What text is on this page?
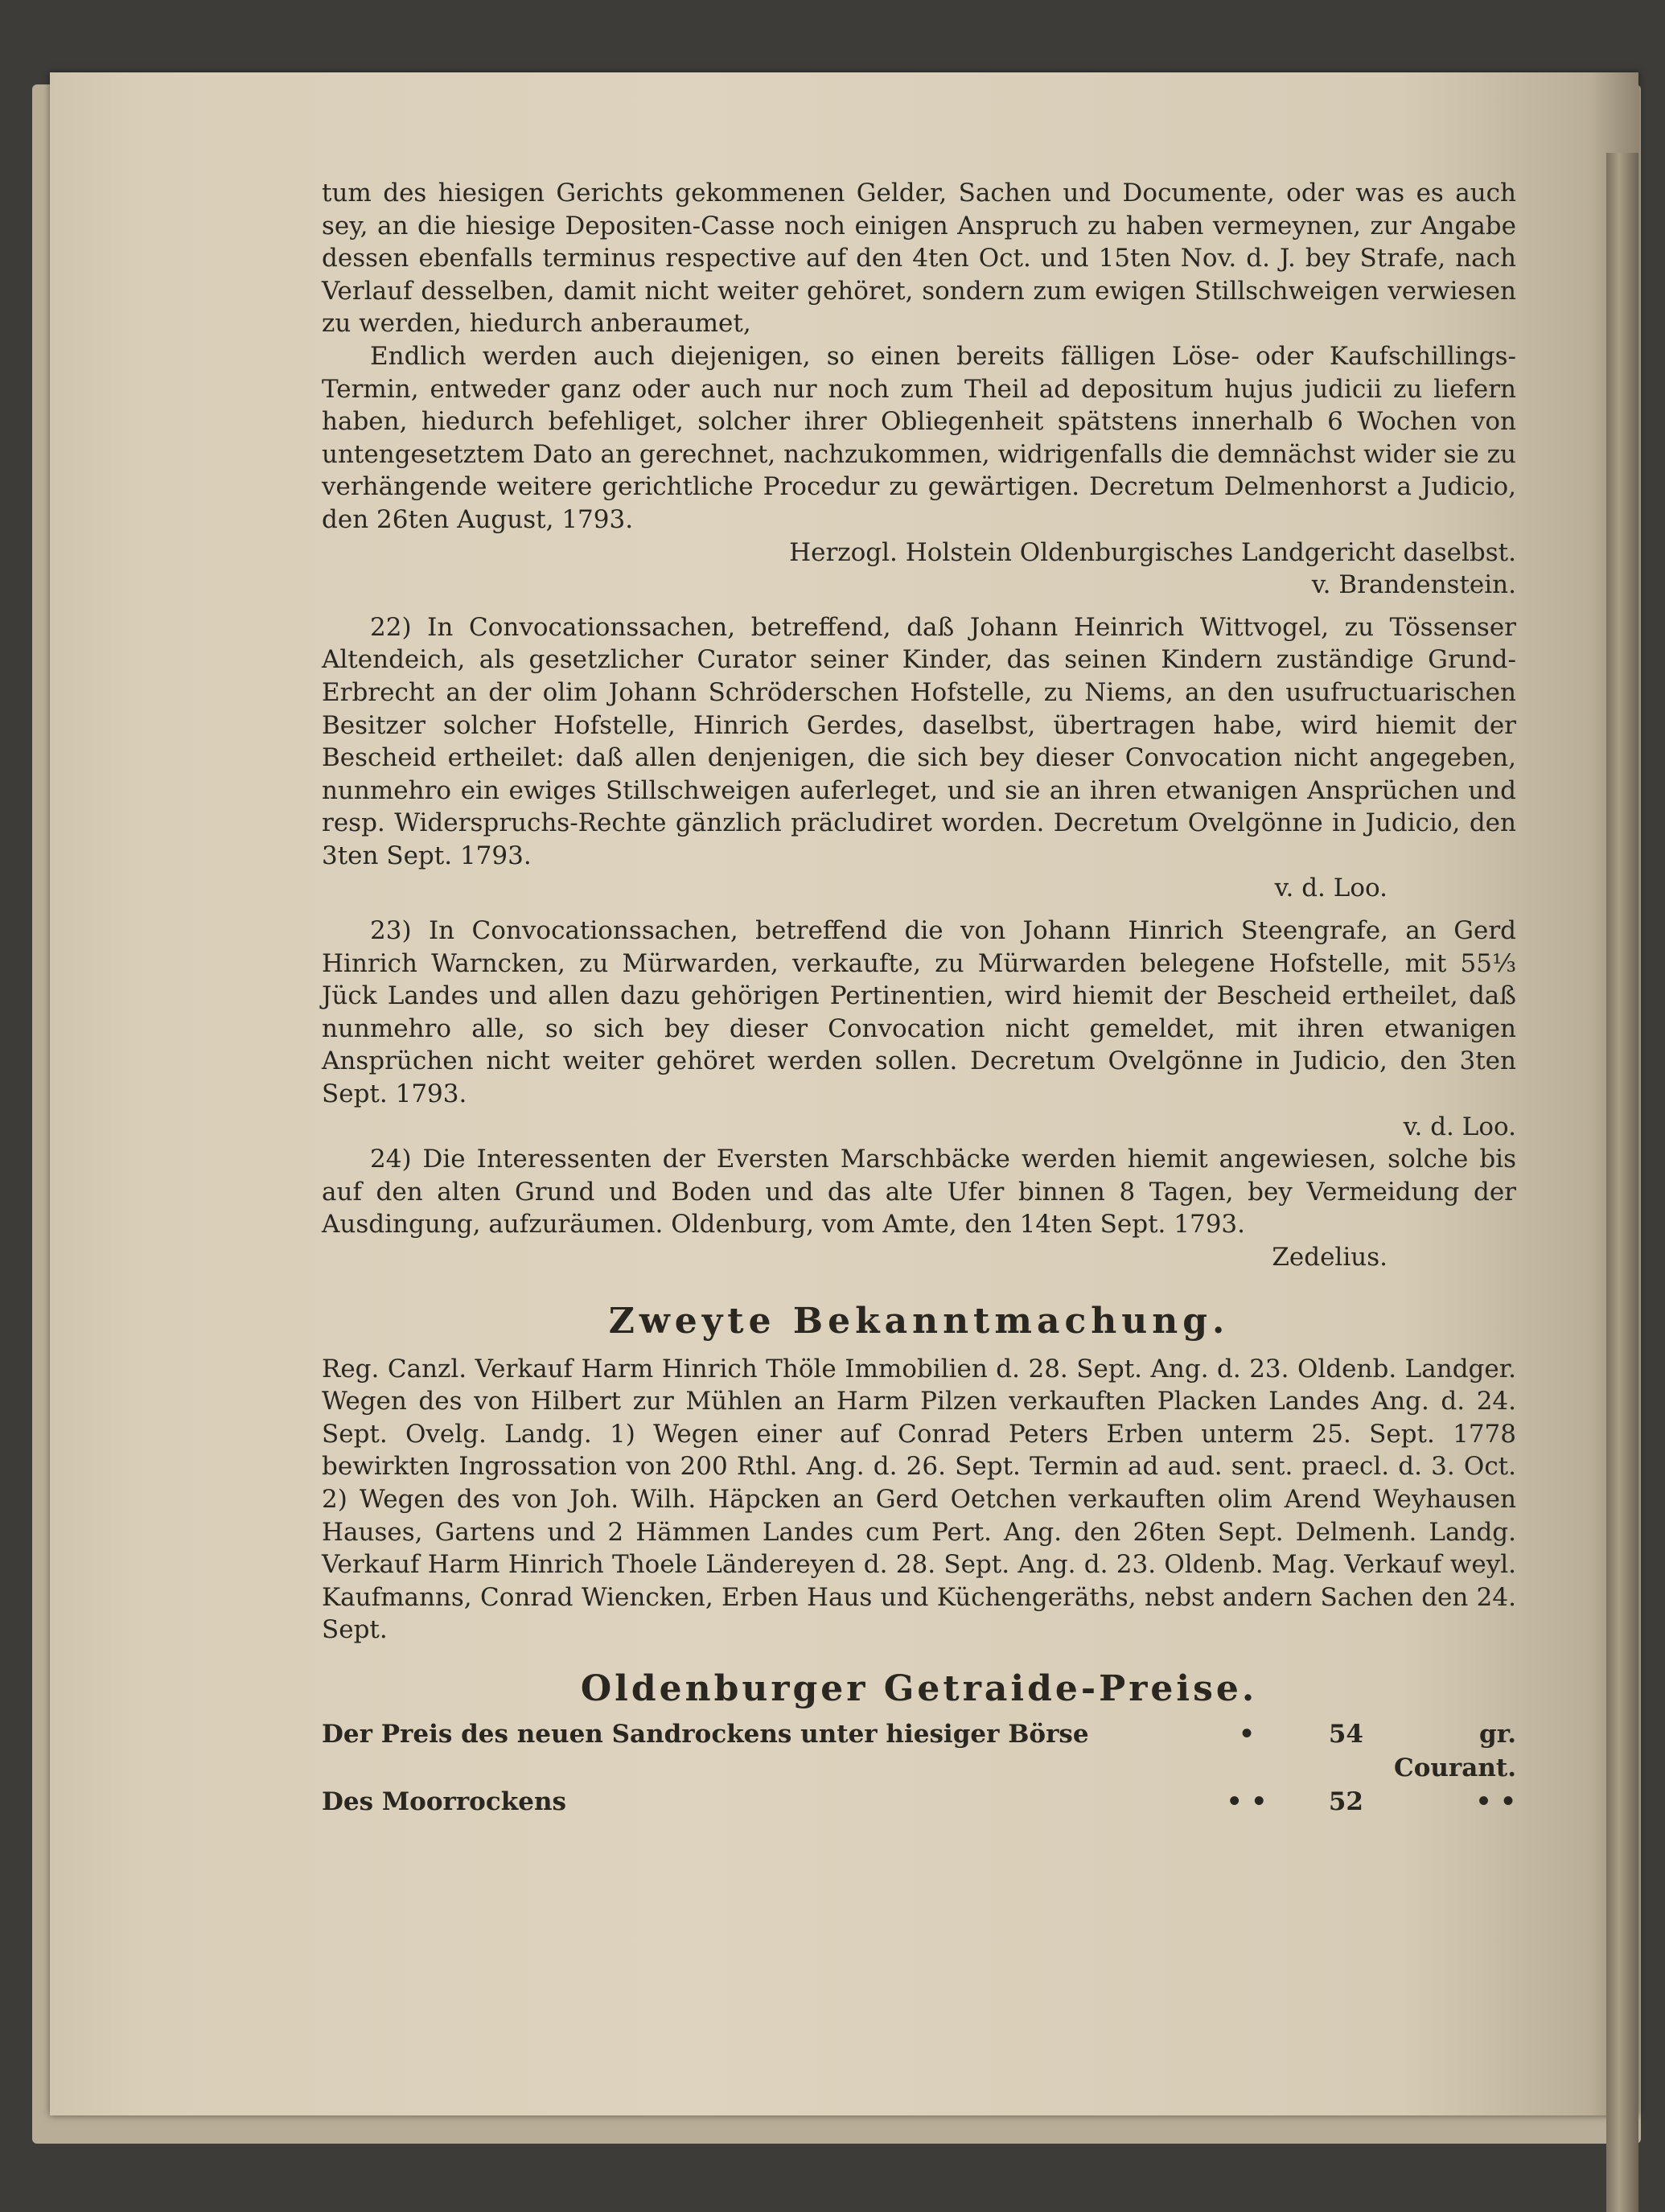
tum des hiesigen Gerichts gekommenen Gelder, Sachen und Documente, oder was es auch sey, an die hiesige Depositen-Casse noch einigen Anspruch zu haben vermeynen, zur Angabe dessen ebenfalls terminus respective auf den 4ten Oct. und 15ten Nov. d. J. bey Strafe, nach Verlauf desselben, damit nicht weiter gehöret, sondern zum ewigen Stillschweigen verwiesen zu werden, hiedurch anberaumet,

Endlich werden auch diejenigen, so einen bereits fälligen Löse- oder Kaufschillings-Termin, entweder ganz oder auch nur noch zum Theil ad depositum hujus judicii zu liefern haben, hiedurch befehliget, solcher ihrer Obliegenheit spätstens innerhalb 6 Wochen von untengesetztem Dato an gerechnet, nachzukommen, widrigenfalls die demnächst wider sie zu verhängende weitere gerichtliche Procedur zu gewärtigen. Decretum Delmenhorst a Judicio, den 26ten August, 1793.

Herzogl. Holstein Oldenburgisches Landgericht daselbst.

v. Brandenstein.

22) In Convocationssachen, betreffend, daß Johann Heinrich Wittvogel, zu Tössenser Altendeich, als gesetzlicher Curator seiner Kinder, das seinen Kindern zuständige Grund-Erbrecht an der olim Johann Schröderschen Hofstelle, zu Niems, an den usufructuarischen Besitzer solcher Hofstelle, Hinrich Gerdes, daselbst, übertragen habe, wird hiemit der Bescheid ertheilet: daß allen denjenigen, die sich bey dieser Convocation nicht angegeben, nunmehro ein ewiges Stillschweigen auferleget, und sie an ihren etwanigen Ansprüchen und resp. Widerspruchs-Rechte gänzlich präcludiret worden. Decretum Ovelgönne in Judicio, den 3ten Sept. 1793.

v. d. Loo.

23) In Convocationssachen, betreffend die von Johann Hinrich Steengrafe, an Gerd Hinrich Warncken, zu Mürwarden, verkaufte, zu Mürwarden belegene Hofstelle, mit 55⅓ Jück Landes und allen dazu gehörigen Pertinentien, wird hiemit der Bescheid ertheilet, daß nunmehro alle, so sich bey dieser Convocation nicht gemeldet, mit ihren etwanigen Ansprüchen nicht weiter gehöret werden sollen. Decretum Ovelgönne in Judicio, den 3ten Sept. 1793.

v. d. Loo.

24) Die Interessenten der Eversten Marschbäcke werden hiemit angewiesen, solche bis auf den alten Grund und Boden und das alte Ufer binnen 8 Tagen, bey Vermeidung der Ausdingung, aufzuräumen. Oldenburg, vom Amte, den 14ten Sept. 1793.

Zedelius.

Zweyte Bekanntmachung.

Reg. Canzl. Verkauf Harm Hinrich Thöle Immobilien d. 28. Sept. Ang. d. 23. Oldenb. Landger. Wegen des von Hilbert zur Mühlen an Harm Pilzen verkauften Placken Landes Ang. d. 24. Sept. Ovelg. Landg. 1) Wegen einer auf Conrad Peters Erben unterm 25. Sept. 1778 bewirkten Ingrossation von 200 Rthl. Ang. d. 26. Sept. Termin ad aud. sent. praecl. d. 3. Oct. 2) Wegen des von Joh. Wilh. Häpcken an Gerd Oetchen verkauften olim Arend Weyhausen Hauses, Gartens und 2 Hämmen Landes cum Pert. Ang. den 26ten Sept. Delmenh. Landg. Verkauf Harm Hinrich Thoele Ländereyen d. 28. Sept. Ang. d. 23. Oldenb. Mag. Verkauf weyl. Kaufmanns, Conrad Wiencken, Erben Haus und Küchengeräths, nebst andern Sachen den 24. Sept.

Oldenburger Getraide-Preise.
Der Preis des neuen Sandrockens unter hiesiger Börse	•	54	gr. Courant.
Des Moorrockens	• •	52	• •
